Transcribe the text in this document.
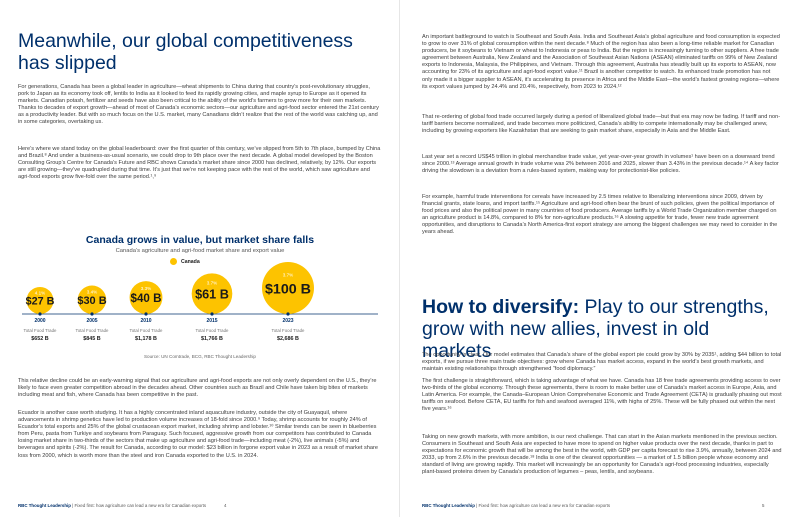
Meanwhile, our global competitiveness
has slipped

For generations, Canada has been a global leader in agriculture—wheat shipments to China during that country’s post-revolutionary struggles, pork to Japan as its economy took off, lentils to India as it looked to feed its rapidly growing cities, and maple syrup to Europe as it opened its markets. Canadian potash, fertilizer and seeds have also been critical to the ability of the world’s farmers to grow more for their own markets. Thanks to decades of export growth—ahead of most of Canada’s economic sectors—our agriculture and agri-food sector entered the 21st century as a productivity leader. But with so much focus on the U.S. market, many Canadians didn’t realize that the rest of the world was catching up, and in some categories, overtaking us.

Here’s where we stand today on the global leaderboard: over the first quarter of this century, we’ve slipped from 5th to 7th place, bumped by China and Brazil.⁸ And under a business-as-usual scenario, we could drop to 9th place over the next decade. A global model developed by the Boston Consulting Group’s Centre for Canada’s Future and RBC shows Canada’s market share since 2000 has declined, relatively, by 12%. Our exports are still growing—they’ve quadrupled during that time. It’s just that we’re not keeping pace with the rest of the world, which saw agriculture and agri-food exports grow five-fold over the same period.¹,⁹

Canada grows in value, but market share falls
Canada’s agriculture and agri-food market share and export value
Canada
4.1%
$27 B
2000
Total Food Trade
$652 B
3.4%
$30 B
2005
Total Food Trade
$845 B
3.3%
$40 B
2010
Total Food Trade
$1,178 B
3.7%
$61 B
2015
Total Food Trade
$1,766 B
3.7%
$100 B
2023
Total Food Trade
$2,686 B
Source: UN Comtrade, BCG, RBC Thought Leadership

This relative decline could be an early-warning signal that our agriculture and agri-food exports are not only overly dependent on the U.S., they’re likely to face even greater competition abroad in the decades ahead. Other countries such as Brazil and Chile have taken big bites of markets including meat and fish, where Canada has been competitive in the past.

Ecuador is another case worth studying. It has a highly concentrated inland aquaculture industry, outside the city of Guayaquil, where advancements in shrimp genetics have led to production volume increases of 18-fold since 2000.⁹ Today, shrimp accounts for roughly 24% of Ecuador’s total exports and 25% of the global crustacean export market, including shrimp and lobster.¹⁰ Similar trends can be seen in blueberries from Peru, pasta from Turkiye and soybeans from Paraguay. Such focused, aggressive growth from our competitors has contributed to Canada losing market share in two-thirds of the sectors that make up agriculture and agri-food trade—including meat (-2%), live animals (-5%) and beverages and spirits (-2%). The result for Canada, according to our model: $23 billion in forgone export value in 2023 as a result of market share loss from 2000, which is worth more than the steel and iron Canada exported to the U.S. in 2024.

RBC Thought Leadership | Fixed first: how agriculture can lead a new era for Canadian exports	4

An important battleground to watch is Southeast and South Asia. India and Southeast Asia’s global agriculture and food consumption is expected to grow to over 31% of global consumption within the next decade.⁸ Much of the region has also been a long-time reliable market for Canadian producers, be it soybeans to Vietnam or wheat to Indonesia or peas to India. But the region is increasingly turning to other suppliers. A free trade agreement between Australia, New Zealand and the Association of Southeast Asian Nations (ASEAN) eliminated tariffs on 99% of New Zealand exports to Indonesia, Malaysia, the Philippines, and Vietnam. Through this agreement, Australia has steadily built up its exports to ASEAN, now accounting for 23% of its agriculture and agri-food export value.¹¹ Brazil is another competitor to watch. Its enhanced trade promotion has not only made it a bigger supplier to ASEAN, it’s accelerating its presence in Africa and the Middle East—the world’s fastest growing regions—where its export values jumped by 24.4% and 20.4%, respectively, from 2023 to 2024.¹²

That re-ordering of global food trade occurred largely during a period of liberalized global trade—but that era may now be fading. If tariff and non-tariff barriers become normalized, and trade becomes more politicized, Canada’s ability to compete internationally may be challenged anew, including by growing exporters like Kazakhstan that are seeking to gain market share, especially in Asia and the Middle East.

Last year set a record US$45 trillion in global merchandise trade value, yet year-over-year growth in volumes¹ have been on a downward trend since 2000.¹³ Average annual growth in trade volume was 2% between 2016 and 2025, slower than 3.43% in the previous decade.¹⁴ A key factor driving the slowdown is a deviation from a rules-based system, making way for protectionist-like policies.

For example, harmful trade interventions for cereals have increased by 2.5 times relative to liberalizing interventions since 2009, driven by financial grants, state loans, and import tariffs.¹⁵ Agriculture and agri-food often bear the brunt of such policies, given the political importance of food prices and also the political power in many countries of food producers. Average tariffs by a World Trade Organization member charged on an agriculture product is 14.8%, compared to 8% for non-agriculture products.¹⁶ A slowing appetite for trade, fewer new trade agreement opportunities, and disruptions to Canada’s North America-first export strategy are among the biggest challenges we may need to consider in the years ahead.

How to diversify: Play to our strengths,
grow with new allies, invest in old markets

The opportunity is clear. Our model estimates that Canada’s share of the global export pie could grow by 30% by 2035¹, adding $44 billion to total exports, if we pursue three main trade objectives: grow where Canada has market access, expand in the world’s best growth markets, and maintain existing relationships through strengthened “food diplomacy.”

The first challenge is straightforward, which is taking advantage of what we have. Canada has 18 free trade agreements providing access to over two-thirds of the global economy. Through these agreements, there is room to make better use of Canada’s market access in Europe, Asia, and Latin America. For example, the Canada–European Union Comprehensive Economic and Trade Agreement (CETA) is gradually phasing out most tariffs on seafood. Before CETA, EU tariffs for fish and seafood averaged 11%, with highs of 25%. These will be fully phased out within the next five years.¹⁶

Taking on new growth markets, with more ambition, is our next challenge. That can start in the Asian markets mentioned in the previous section. Consumers in Southeast and South Asia are expected to have more to spend on higher value products over the next decade, thanks in part to expectations for economic growth that will be among the best in the world, with GDP per capita forecast to rise 3.9%, annually, between 2024 and 2033, up from 2.6% in the previous decade.¹⁸ India is one of the clearest opportunities — a market of 1.5 billion people whose economy and standard of living are growing rapidly. This market will increasingly be an opportunity for Canada’s agri-food processing industries, especially plant-based proteins driven by Canada’s production of legumes – peas, lentils, and soybeans.

RBC Thought Leadership | Fixed first: how agriculture can lead a new era for Canadian exports	5
